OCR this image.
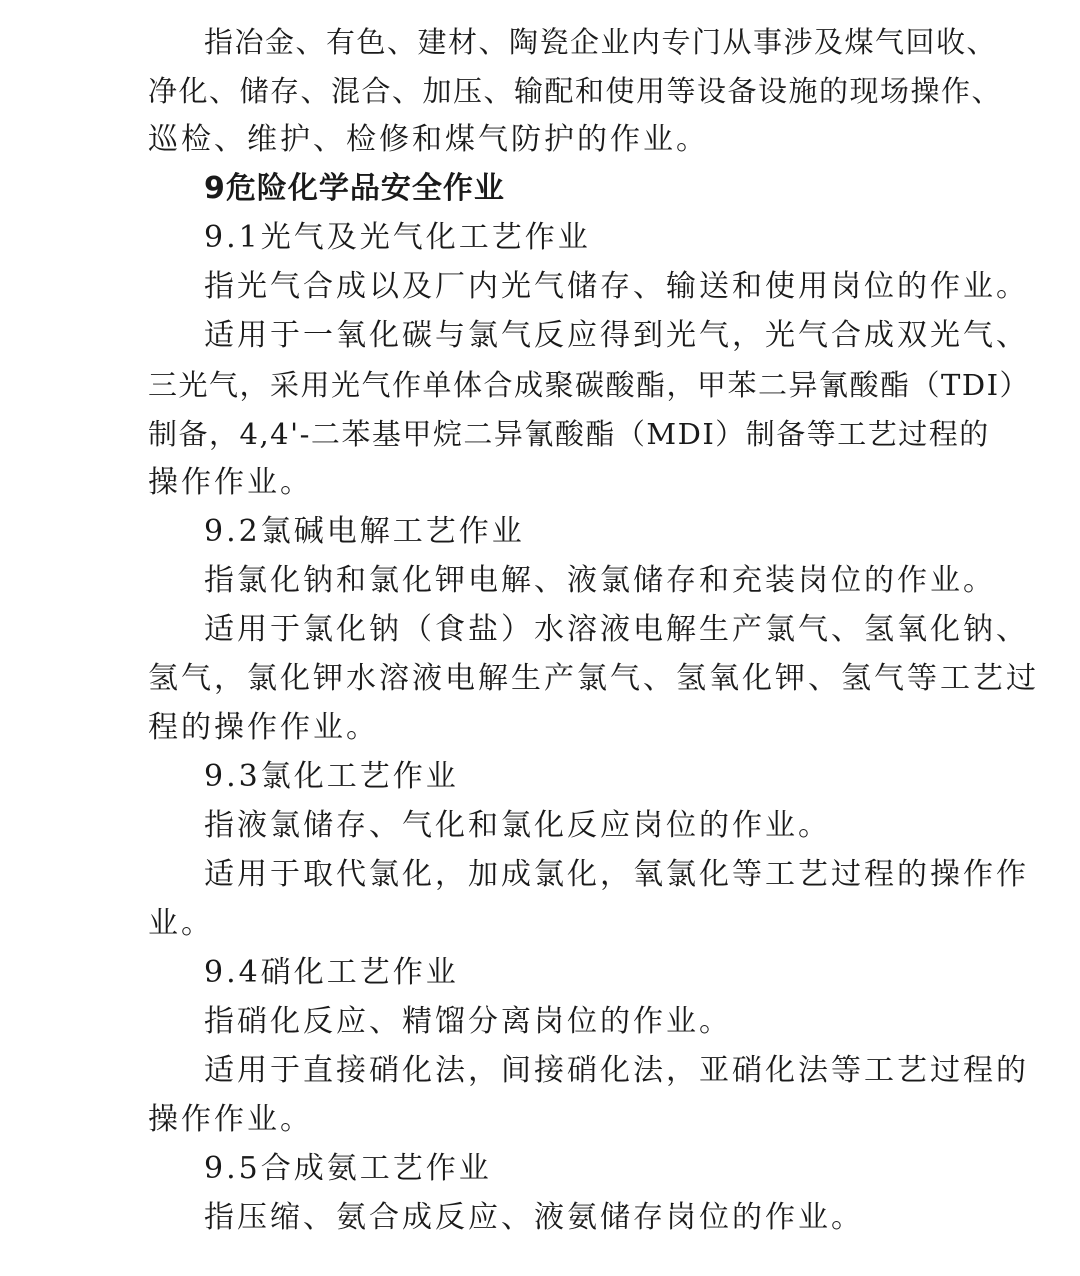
指冶金、有色、建材、陶瓷企业内专门从事涉及煤气回收、
净化、储存、混合、加压、输配和使用等设备设施的现场操作、
巡检、维护、检修和煤气防护的作业。
9危险化学品安全作业
9.1光气及光气化工艺作业
指光气合成以及厂内光气储存、输送和使用岗位的作业。
适用于一氧化碳与氯气反应得到光气，光气合成双光气、
三光气，采用光气作单体合成聚碳酸酯，甲苯二异氰酸酯（TDI）
制备，4,4'-二苯基甲烷二异氰酸酯（MDI）制备等工艺过程的
操作作业。
9.2氯碱电解工艺作业
指氯化钠和氯化钾电解、液氯储存和充装岗位的作业。
适用于氯化钠（食盐）水溶液电解生产氯气、氢氧化钠、
氢气，氯化钾水溶液电解生产氯气、氢氧化钾、氢气等工艺过
程的操作作业。
9.3氯化工艺作业
指液氯储存、气化和氯化反应岗位的作业。
适用于取代氯化，加成氯化，氧氯化等工艺过程的操作作
业。
9.4硝化工艺作业
指硝化反应、精馏分离岗位的作业。
适用于直接硝化法，间接硝化法，亚硝化法等工艺过程的
操作作业。
9.5合成氨工艺作业
指压缩、氨合成反应、液氨储存岗位的作业。
